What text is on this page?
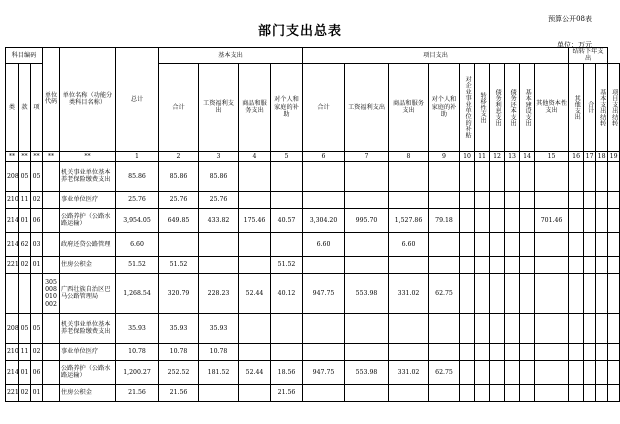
预算公开08表
部门支出总表
单位：万元
科目编码			单位代码	单位名称（功能分类科目名称）	总计	基本支出				项目支出										结转下年支出			
类	款	项				合计	工资福利支出	商品和服务支出	对个人和家庭的补助	合计	工资福利支出	商品和服务支出	对个人和家庭的补助	对企业事业单位的补贴	转移性支出	债务利息支出	债务还本支出	基本建设支出	其他资本性支出	其他支出	合计	基本支出结转	项目支出结转

**	**	**	**	**	1	2	3	4	5	6	7	8	9	10	11	12	13	14	15	16	17	18	19
208	05	05		机关事业单位基本养老保险缴费支出	85.86	85.86	85.86																
210	11	02		事业单位医疗	25.76	25.76	25.76																
214	01	06		公路养护（公路水路运输）	3,954.05	649.85	433.82	175.46	40.57	3,304.20	995.70	1,527.86	79.18						701.46				
214	62	03		政府还贷公路管理	6.60					6.60		6.60											
221	02	01		住房公积金	51.52	51.52			51.52														
			305008010002	广西壮族自治区巴马公路管理局	1,268.54	320.79	228.23	52.44	40.12	947.75	553.98	331.02	62.75										
208	05	05		机关事业单位基本养老保险缴费支出	35.93	35.93	35.93																
210	11	02		事业单位医疗	10.78	10.78	10.78																
214	01	06		公路养护（公路水路运输）	1,200.27	252.52	181.52	52.44	18.56	947.75	553.98	331.02	62.75										
221	02	01		住房公积金	21.56	21.56			21.56														
